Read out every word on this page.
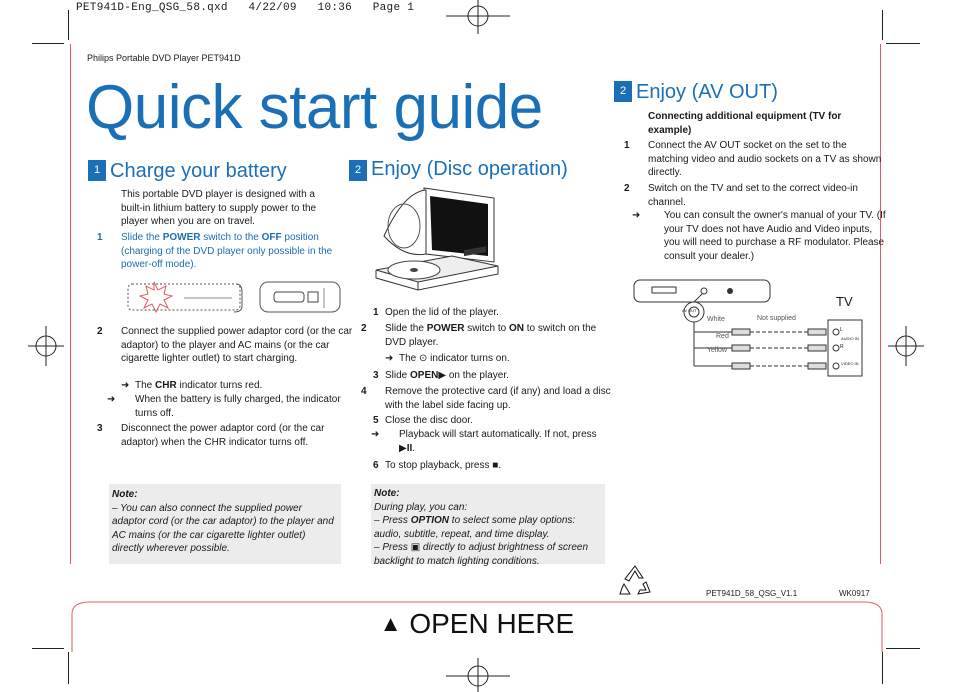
PET941D-Eng_QSG_58.qxd   4/22/09   10:36   Page 1
Philips Portable DVD Player PET941D
Quick start guide
1 Charge your battery
This portable DVD player is designed with a built-in lithium battery to supply power to the player when you are on travel.
1 Slide the POWER switch to the OFF position (charging of the DVD player only possible in the power-off mode).
2 Connect the supplied power adaptor cord (or the car adaptor) to the player and AC mains (or the car cigarette lighter outlet) to start charging.
➜ The CHR indicator turns red.
➜ When the battery is fully charged, the indicator turns off.
3 Disconnect the power adaptor cord (or the car adaptor) when the CHR indicator turns off.
Note:
– You can also connect the supplied power adaptor cord (or the car adaptor) to the player and AC mains (or the car cigarette lighter outlet) directly wherever possible.
2 Enjoy (Disc operation)
1 Open the lid of the player.
2 Slide the POWER switch to ON to switch on the DVD player.
➜ The ⊙ indicator turns on.
3 Slide OPEN▶ on the player.
4 Remove the protective card (if any) and load a disc with the label side facing up.
5 Close the disc door.
➜ Playback will start automatically. If not, press
▶II.
6 To stop playback, press ■.
Note:
During play, you can:
– Press OPTION to select some play options: audio, subtitle, repeat, and time display.
– Press ▣ directly to adjust brightness of screen backlight to match lighting conditions.
2 Enjoy (AV OUT)
Connecting additional equipment (TV for example)
1 Connect the AV OUT socket on the set to the matching video and audio sockets on a TV as shown directly.
2 Switch on the TV and set to the correct video-in channel.
➜ You can consult the owner's manual of your TV. (If your TV does not have Audio and Video inputs, you will need to purchase a RF modulator. Please consult your dealer.)
AV OUT
TV
Not supplied
White
Red
Yellow
L
AUDIO IN
R
VIDEO IN
PET941D_58_QSG_V1.1	WK0917
▲ OPEN HERE
